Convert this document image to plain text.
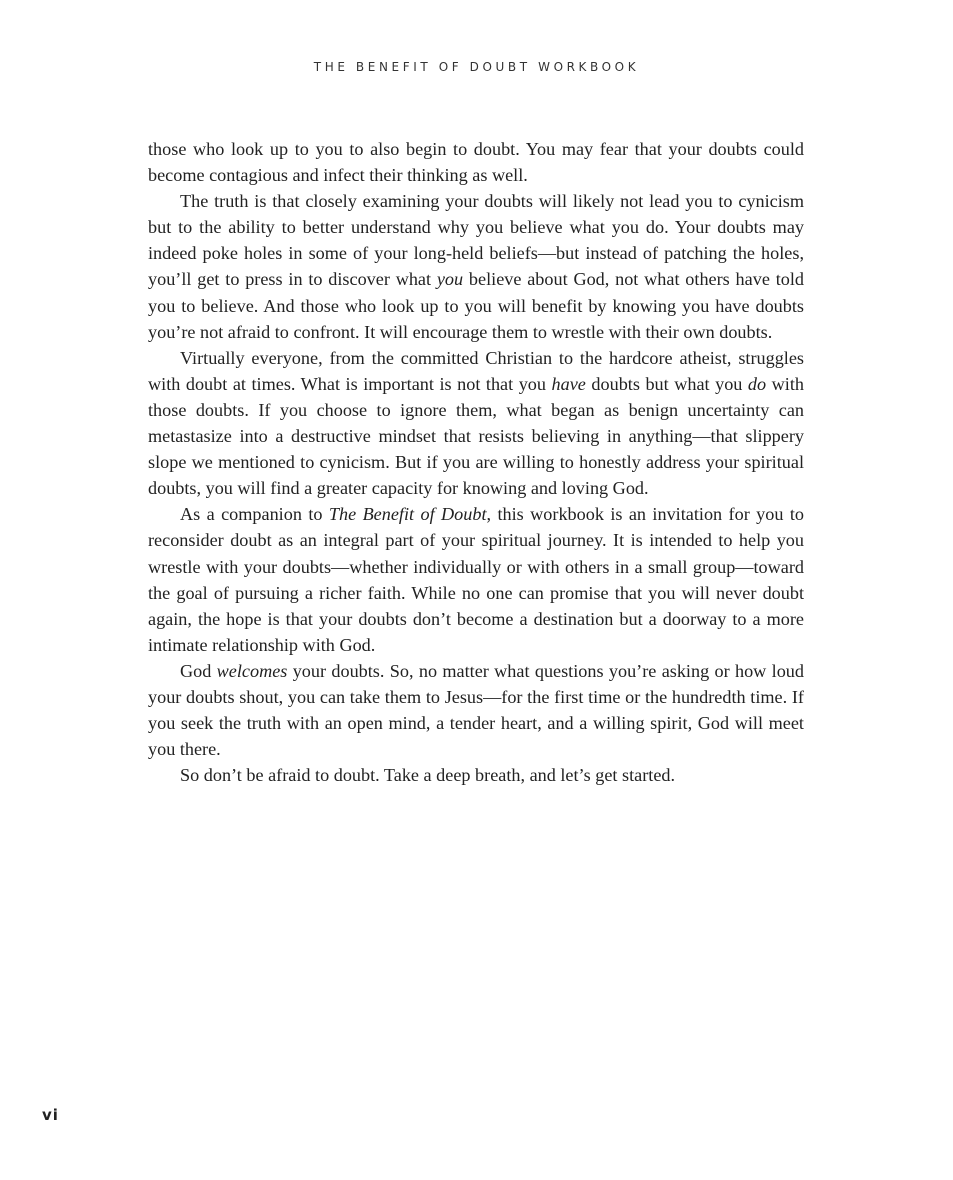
THE BENEFIT OF DOUBT WORKBOOK

those who look up to you to also begin to doubt. You may fear that your doubts could become contagious and infect their thinking as well.

The truth is that closely examining your doubts will likely not lead you to cynicism but to the ability to better understand why you believe what you do. Your doubts may indeed poke holes in some of your long-held beliefs—but instead of patching the holes, you’ll get to press in to discover what you believe about God, not what others have told you to believe. And those who look up to you will benefit by knowing you have doubts you’re not afraid to confront. It will encourage them to wrestle with their own doubts.

Virtually everyone, from the committed Christian to the hardcore atheist, struggles with doubt at times. What is important is not that you have doubts but what you do with those doubts. If you choose to ignore them, what began as benign uncertainty can metastasize into a destructive mindset that resists believing in anything—that slippery slope we mentioned to cynicism. But if you are willing to honestly address your spiritual doubts, you will find a greater capacity for knowing and loving God.

As a companion to The Benefit of Doubt, this workbook is an invitation for you to reconsider doubt as an integral part of your spiritual journey. It is intended to help you wrestle with your doubts—whether individually or with others in a small group—toward the goal of pursuing a richer faith. While no one can promise that you will never doubt again, the hope is that your doubts don’t become a destination but a doorway to a more intimate relationship with God.

God welcomes your doubts. So, no matter what questions you’re asking or how loud your doubts shout, you can take them to Jesus—for the first time or the hundredth time. If you seek the truth with an open mind, a tender heart, and a willing spirit, God will meet you there.

So don’t be afraid to doubt. Take a deep breath, and let’s get started.

vi
